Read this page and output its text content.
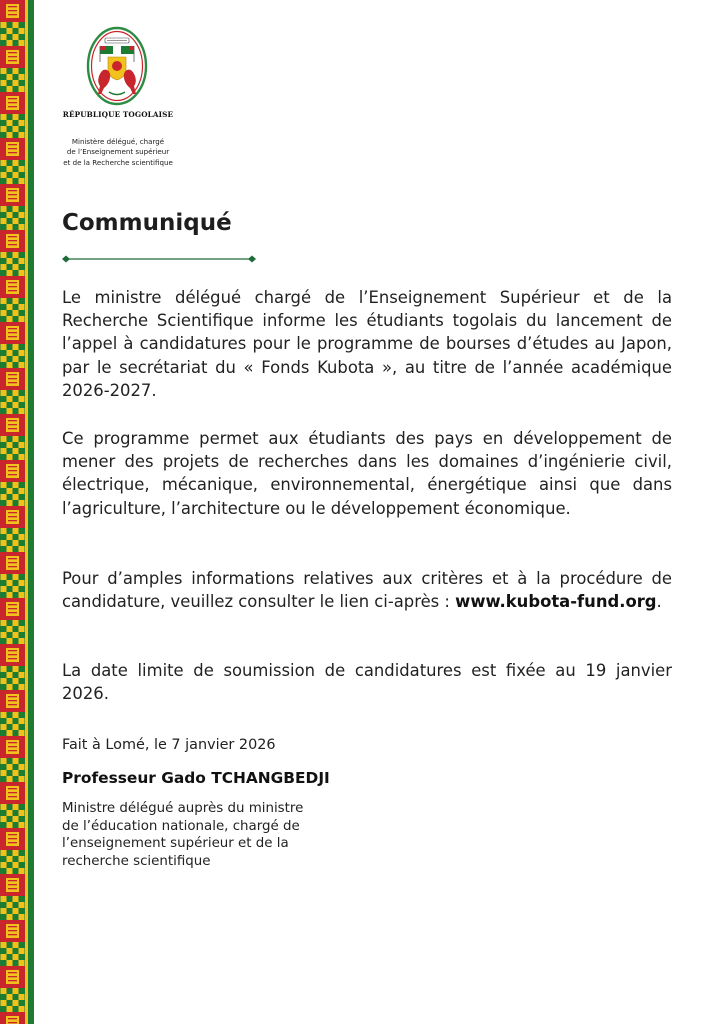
RÉPUBLIQUE TOGOLAISE
Ministère délégué, chargé
de l’Enseignement supérieur
et de la Recherche scientifique
Communiqué

Le ministre délégué chargé de l’Enseignement Supérieur et de la Recherche Scientifique informe les étudiants togolais du lancement de l’appel à candidatures pour le programme de bourses d’études au Japon, par le secrétariat du « Fonds Kubota », au titre de l’année académique 2026-2027.

Ce programme permet aux étudiants des pays en développement de mener des projets de recherches dans les domaines d’ingénierie civil, électrique, mécanique, environnemental, énergétique ainsi que dans l’agriculture, l’architecture ou le développement économique.

Pour d’amples informations relatives aux critères et à la procédure de candidature, veuillez consulter le lien ci-après : www.kubota-fund.org.

La date limite de soumission de candidatures est fixée au 19 janvier 2026.

Fait à Lomé, le 7 janvier 2026
Professeur Gado TCHANGBEDJI
Ministre délégué auprès du ministre
de l’éducation nationale, chargé de
l’enseignement supérieur et de la
recherche scientifique
